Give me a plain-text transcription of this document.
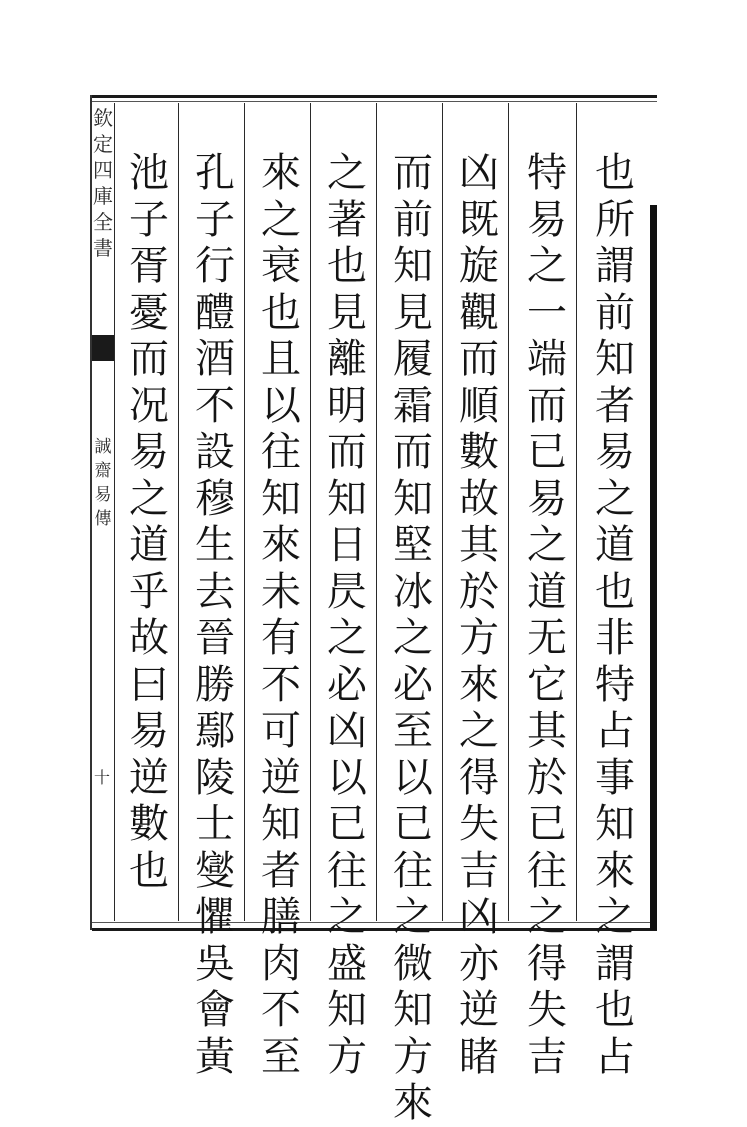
欽
定
四
庫
全
書
誠
齋
易
傳
十
也
所
謂
前
知
者
易
之
道
也
非
特
占
事
知
來
之
謂
也
占
特
易
之
一
端
而
已
易
之
道
无
它
其
於
已
往
之
得
失
吉
凶
既
旋
觀
而
順
數
故
其
於
方
來
之
得
失
吉
凶
亦
逆
睹
而
前
知
見
履
霜
而
知
堅
冰
之
必
至
以
已
往
之
微
知
方
來
之
著
也
見
離
明
而
知
日
昃
之
必
凶
以
已
往
之
盛
知
方
來
之
衰
也
且
以
往
知
來
未
有
不
可
逆
知
者
膳
肉
不
至
孔
子
行
醴
酒
不
設
穆
生
去
晉
勝
鄢
陵
士
燮
懼
吳
會
黃
池
子
胥
憂
而
况
易
之
道
乎
故
曰
易
逆
數
也
